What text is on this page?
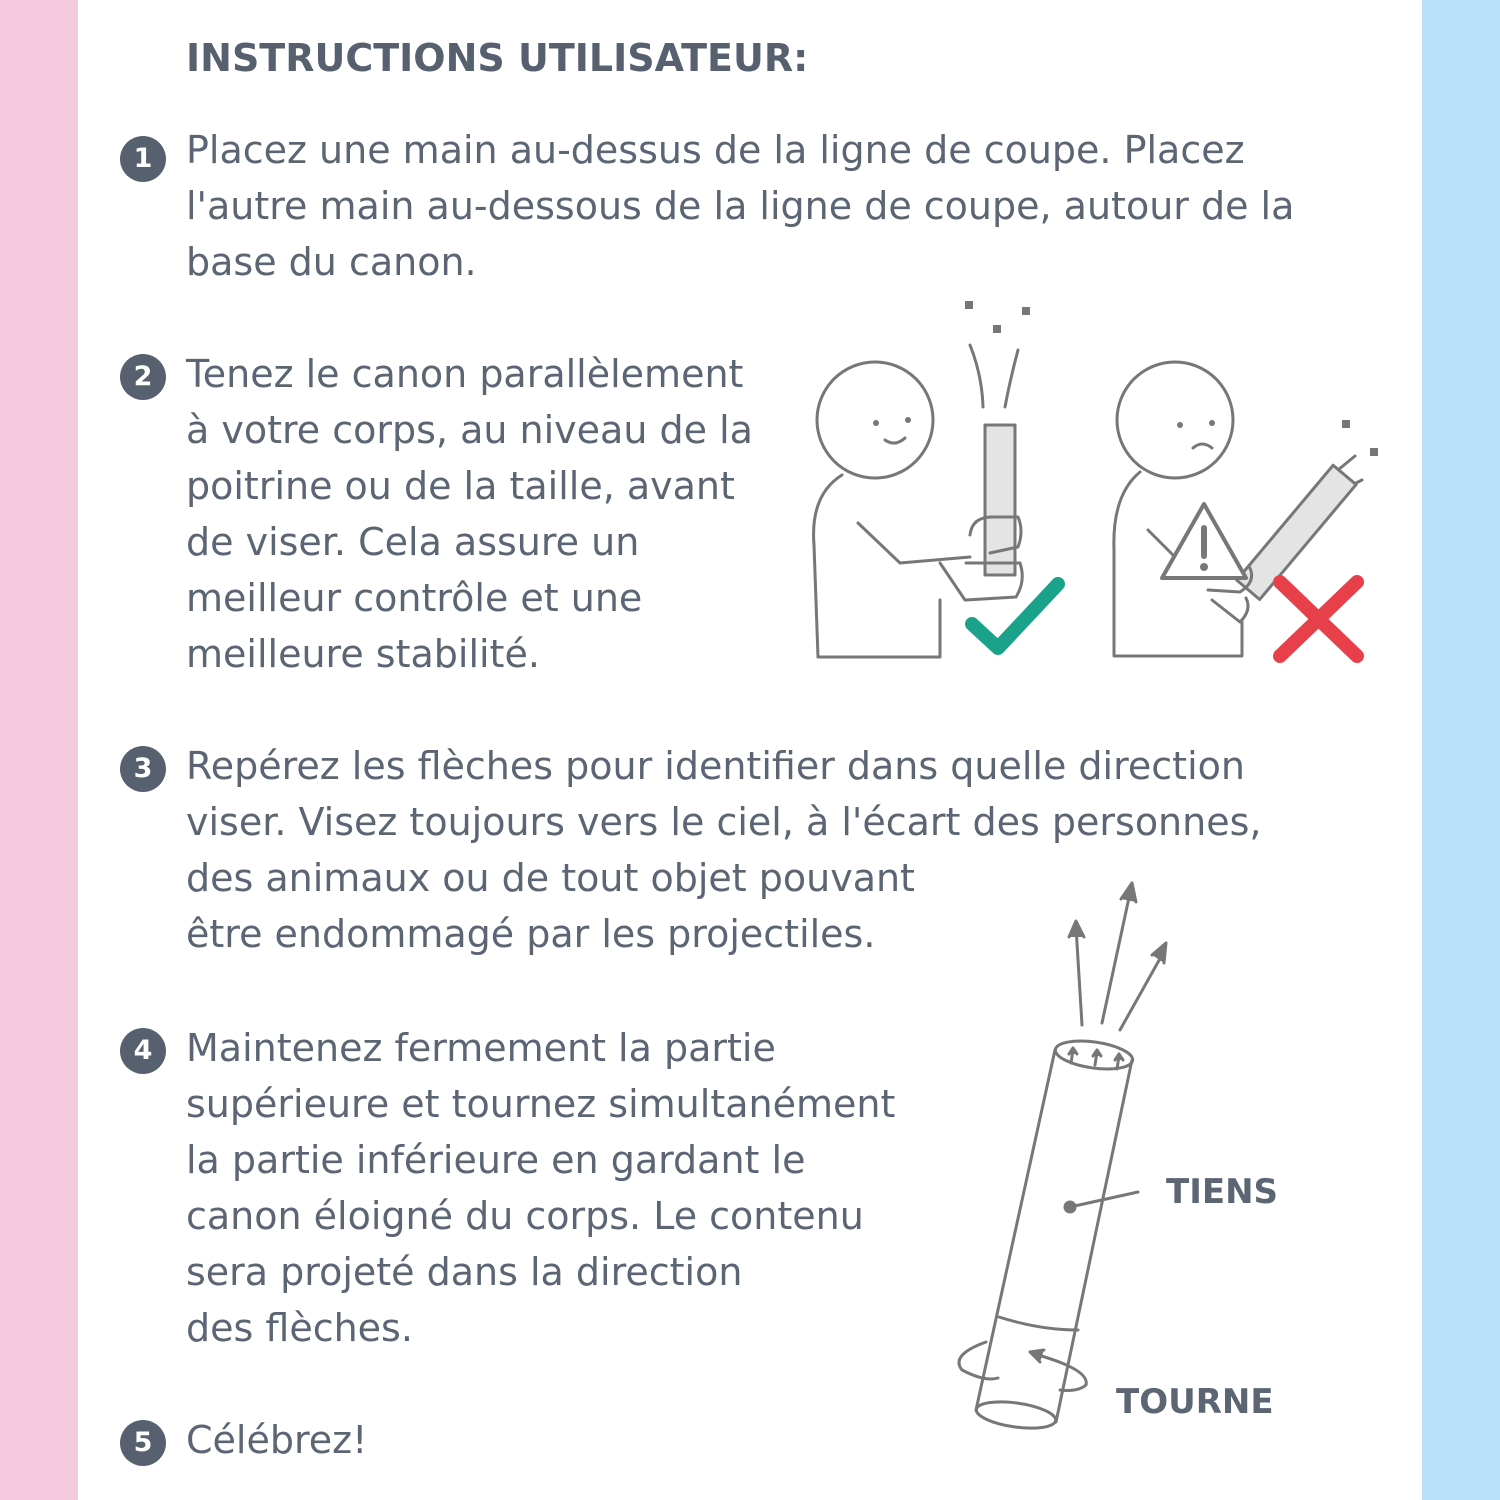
INSTRUCTIONS UTILISATEUR:
1 Placez une main au-dessus de la ligne de coupe. Placez
l'autre main au-dessous de la ligne de coupe, autour de la
base du canon.
2 Tenez le canon parallèlement
à votre corps, au niveau de la
poitrine ou de la taille, avant
de viser. Cela assure un
meilleur contrôle et une
meilleure stabilité.
3 Repérez les flèches pour identifier dans quelle direction
viser. Visez toujours vers le ciel, à l'écart des personnes,
des animaux ou de tout objet pouvant
être endommagé par les projectiles.
4 Maintenez fermement la partie
supérieure et tournez simultanément
la partie inférieure en gardant le
canon éloigné du corps. Le contenu
sera projeté dans la direction
des flèches.
5 Célébrez!
TIENS
TOURNE
